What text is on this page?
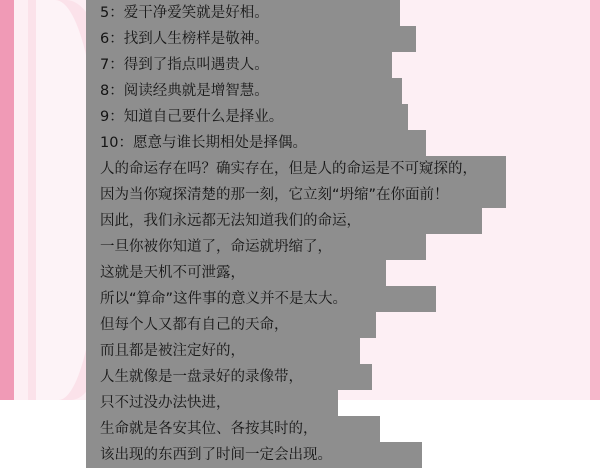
5：爱干净爱笑就是好相。
6：找到人生榜样是敬神。
7：得到了指点叫遇贵人。
8：阅读经典就是增智慧。
9：知道自己要什么是择业。
10：愿意与谁长期相处是择偶。
人的命运存在吗？确实存在，但是人的命运是不可窥探的，
因为当你窥探清楚的那一刻，它立刻“坍缩”在你面前！
因此，我们永远都无法知道我们的命运，
一旦你被你知道了，命运就坍缩了，
这就是天机不可泄露，
所以“算命”这件事的意义并不是太大。
但每个人又都有自己的天命，
而且都是被注定好的，
人生就像是一盘录好的录像带，
只不过没办法快进，
生命就是各安其位、各按其时的，
该出现的东西到了时间一定会出现。
